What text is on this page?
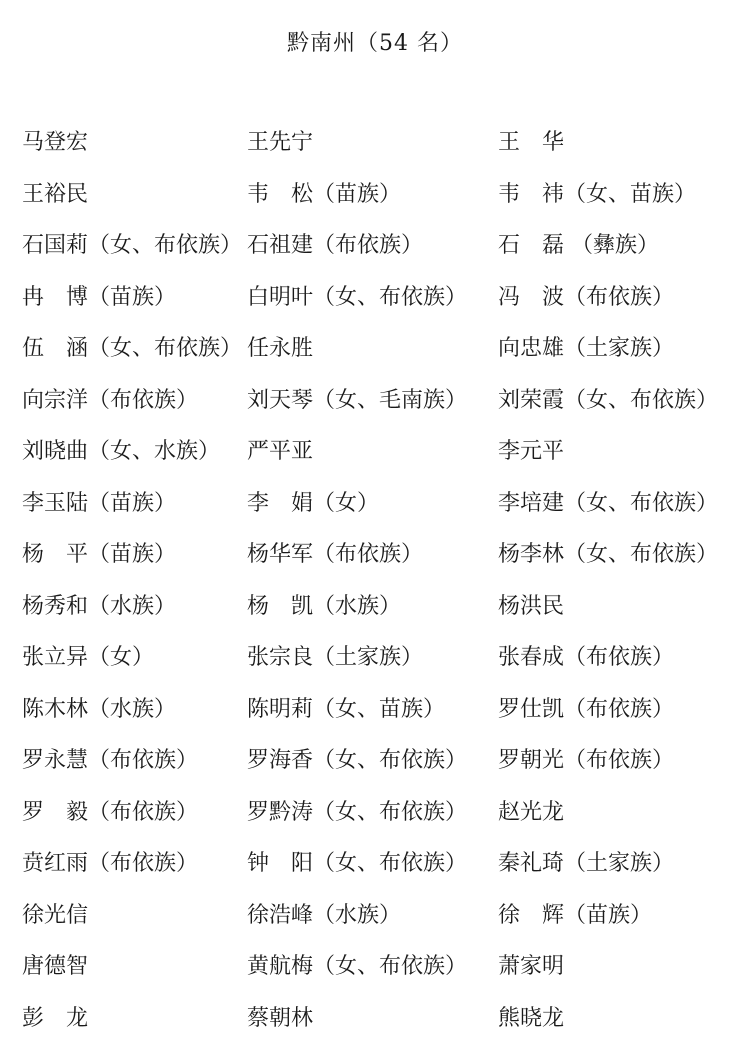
黔南州（54 名）
马登宏	王先宁	王　华
王裕民	韦　松（苗族）	韦　祎（女、苗族）
石国莉（女、布依族） 石祖建（布依族）	石　磊 （彝族）
冉　博（苗族）	白明叶（女、布依族）	冯　波（布依族）
伍　涵（女、布依族） 任永胜	向忠雄（土家族）
向宗洋（布依族）	刘天琴（女、毛南族）	刘荣霞（女、布依族）
刘晓曲（女、水族）	严平亚	李元平
李玉陆（苗族）	李　娟（女）	李培建（女、布依族）
杨　平（苗族）	杨华军（布依族）	杨李林（女、布依族）
杨秀和（水族）	杨　凯（水族）	杨洪民
张立异（女）	张宗良（土家族）	张春成（布依族）
陈木林（水族）	陈明莉（女、苗族）	罗仕凯（布依族）
罗永慧（布依族）	罗海香（女、布依族）	罗朝光（布依族）
罗　毅（布依族）	罗黔涛（女、布依族）	赵光龙
贲红雨（布依族）	钟　阳（女、布依族）	秦礼琦（土家族）
徐光信	徐浩峰（水族）	徐　辉（苗族）
唐德智	黄航梅（女、布依族）	萧家明
彭　龙	蔡朝林	熊晓龙
